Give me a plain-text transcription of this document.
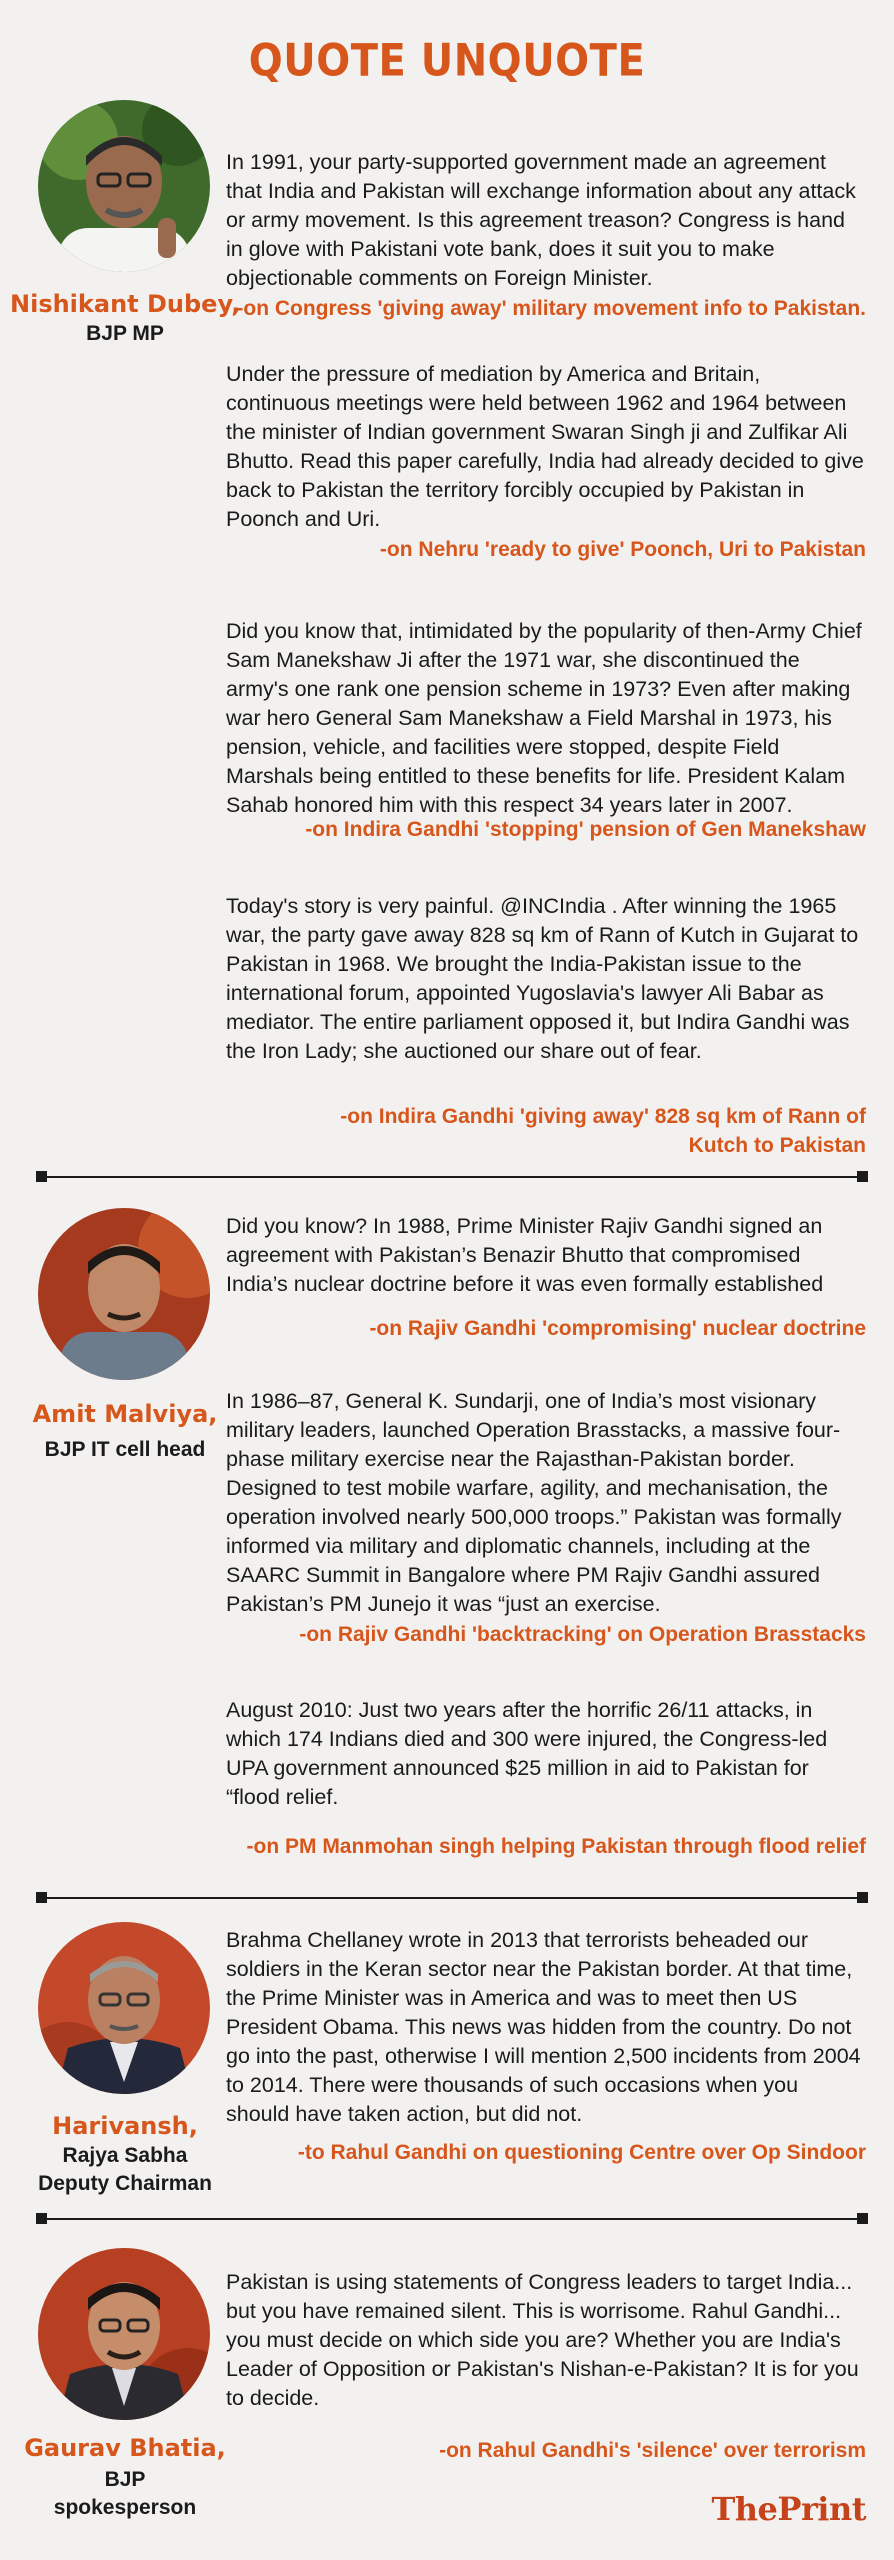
QUOTE UNQUOTE
Nishikant Dubey,
BJP MP

In 1991, your party-supported government made an agreement that India and Pakistan will exchange information about any attack or army movement. Is this agreement treason? Congress is hand in glove with Pakistani vote bank, does it suit you to make objectionable comments on Foreign Minister.

-on Congress 'giving away' military movement info to Pakistan.

Under the pressure of mediation by America and Britain, continuous meetings were held between 1962 and 1964 between the minister of Indian government Swaran Singh ji and Zulfikar Ali Bhutto. Read this paper carefully, India had already decided to give back to Pakistan the territory forcibly occupied by Pakistan in Poonch and Uri.

-on Nehru 'ready to give' Poonch, Uri to Pakistan

Did you know that, intimidated by the popularity of then-Army Chief Sam Manekshaw Ji after the 1971 war, she discontinued the army's one rank one pension scheme in 1973? Even after making war hero General Sam Manekshaw a Field Marshal in 1973, his pension, vehicle, and facilities were stopped, despite Field Marshals being entitled to these benefits for life. President Kalam Sahab honored him with this respect 34 years later in 2007.

-on Indira Gandhi 'stopping' pension of Gen Manekshaw

Today's story is very painful. @INCIndia . After winning the 1965 war, the party gave away 828 sq km of Rann of Kutch in Gujarat to Pakistan in 1968. We brought the India-Pakistan issue to the international forum, appointed Yugoslavia's lawyer Ali Babar as mediator. The entire parliament opposed it, but Indira Gandhi was the Iron Lady; she auctioned our share out of fear.

-on Indira Gandhi 'giving away' 828 sq km of Rann of Kutch to Pakistan

Amit Malviya,
BJP IT cell head

Did you know? In 1988, Prime Minister Rajiv Gandhi signed an agreement with Pakistan’s Benazir Bhutto that compromised India’s nuclear doctrine before it was even formally established

-on Rajiv Gandhi 'compromising' nuclear doctrine

In 1986–87, General K. Sundarji, one of India’s most visionary military leaders, launched Operation Brasstacks, a massive four-phase military exercise near the Rajasthan-Pakistan border. Designed to test mobile warfare, agility, and mechanisation, the operation involved nearly 500,000 troops.” Pakistan was formally informed via military and diplomatic channels, including at the SAARC Summit in Bangalore where PM Rajiv Gandhi assured Pakistan’s PM Junejo it was “just an exercise.

-on Rajiv Gandhi 'backtracking' on Operation Brasstacks

August 2010: Just two years after the horrific 26/11 attacks, in which 174 Indians died and 300 were injured, the Congress-led UPA government announced $25 million in aid to Pakistan for “flood relief.

-on PM Manmohan singh helping Pakistan through flood relief

Harivansh,
Rajya Sabha
Deputy Chairman

Brahma Chellaney wrote in 2013 that terrorists beheaded our soldiers in the Keran sector near the Pakistan border. At that time, the Prime Minister was in America and was to meet then US President Obama. This news was hidden from the country. Do not go into the past, otherwise I will mention 2,500 incidents from 2004 to 2014. There were thousands of such occasions when you should have taken action, but did not.

-to Rahul Gandhi on questioning Centre over Op Sindoor

Gaurav Bhatia,
BJP
spokesperson

Pakistan is using statements of Congress leaders to target India... but you have remained silent. This is worrisome. Rahul Gandhi... you must decide on which side you are? Whether you are India's Leader of Opposition or Pakistan's Nishan-e-Pakistan? It is for you to decide.

-on Rahul Gandhi's 'silence' over terrorism

ThePrint
